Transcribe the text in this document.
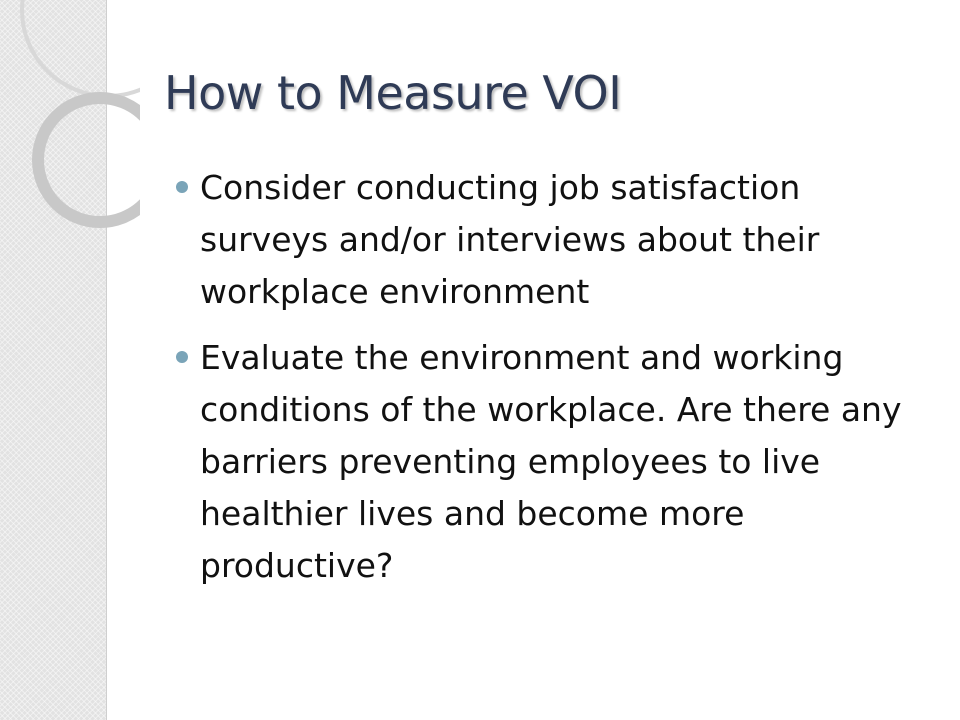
How to Measure VOI
Consider conducting job satisfaction surveys and/or interviews about their workplace environment
Evaluate the environment and working conditions of the workplace. Are there any barriers preventing employees to live healthier lives and become more productive?
